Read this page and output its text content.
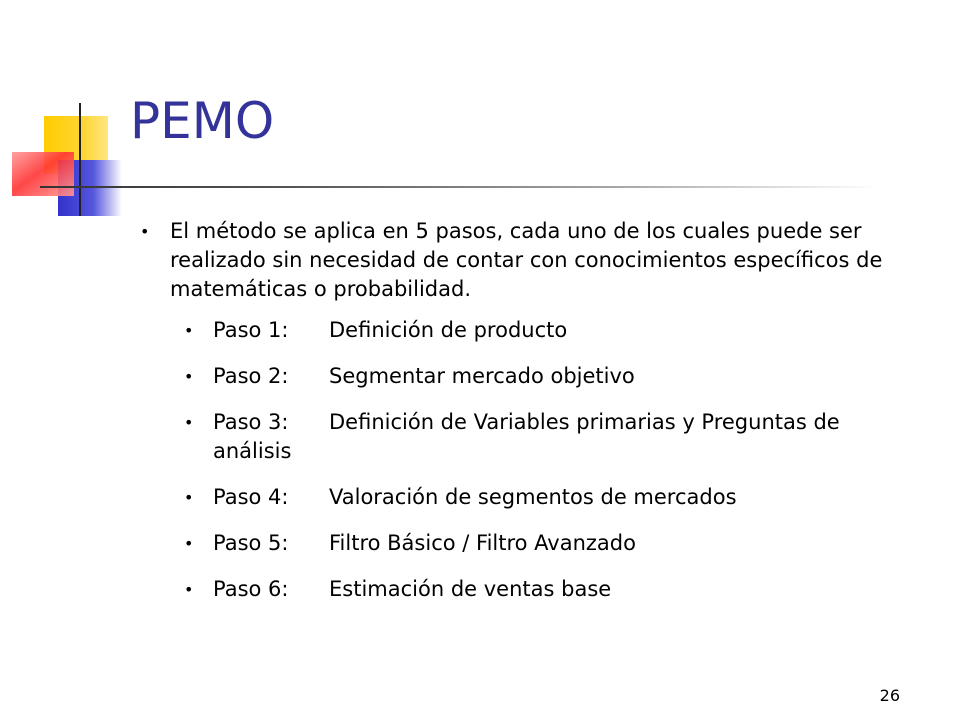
PEMO
• El método se aplica en 5 pasos, cada uno de los cuales puede ser realizado sin necesidad de contar con conocimientos específicos de matemáticas o probabilidad.
• Paso 1: Definición de producto
• Paso 2: Segmentar mercado objetivo
• Paso 3: Definición de Variables primarias y Preguntas de análisis
• Paso 4: Valoración de segmentos de mercados
• Paso 5: Filtro Básico / Filtro Avanzado
• Paso 6: Estimación de ventas base
26
